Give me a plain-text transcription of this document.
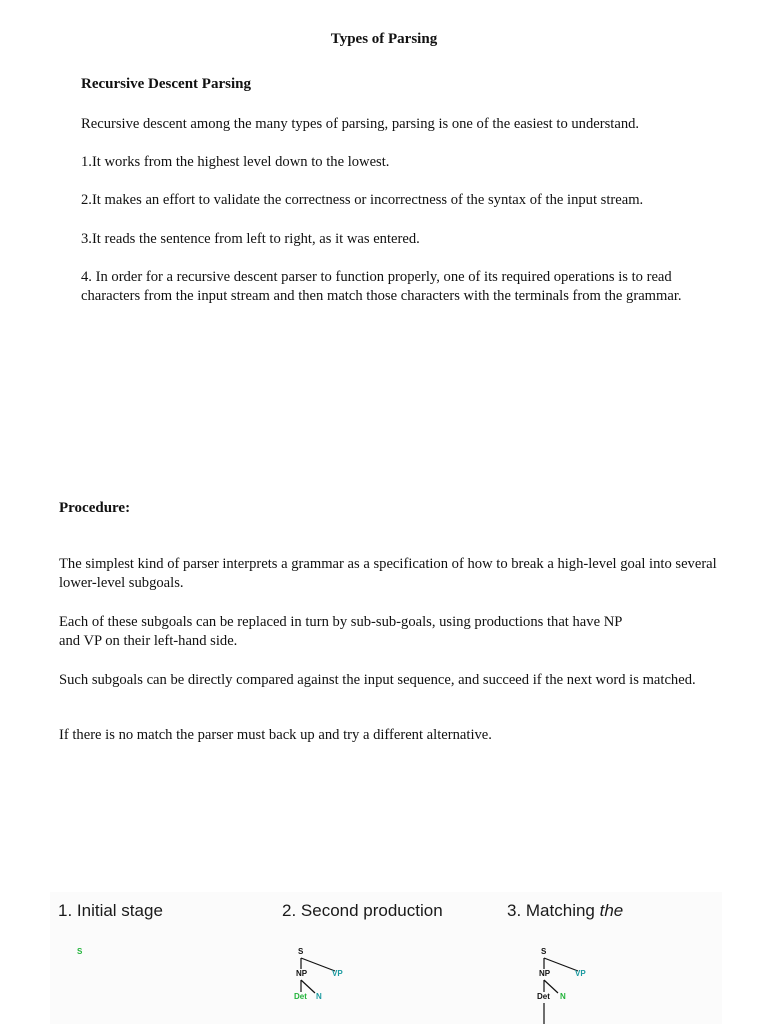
Types of Parsing
Recursive Descent Parsing

Recursive descent among the many types of parsing, parsing is one of the easiest to understand.

1.It works from the highest level down to the lowest.

2.It makes an effort to validate the correctness or incorrectness of the syntax of the input stream.

3.It reads the sentence from left to right, as it was entered.

4. In order for a recursive descent parser to function properly, one of its required operations is to read characters from the input stream and then match those characters with the terminals from the grammar.

Procedure:

The simplest kind of parser interprets a grammar as a specification of how to break a high-level goal into several lower-level subgoals.

Each of these subgoals can be replaced in turn by sub-sub-goals, using productions that have NP and VP on their left-hand side.

Such subgoals can be directly compared against the input sequence, and succeed if the next word is matched.

If there is no match the parser must back up and try a different alternative.

1. Initial stage	2. Second production	3. Matching the
S	S
NP	VP
Det N
S
NP	VP
Det N
